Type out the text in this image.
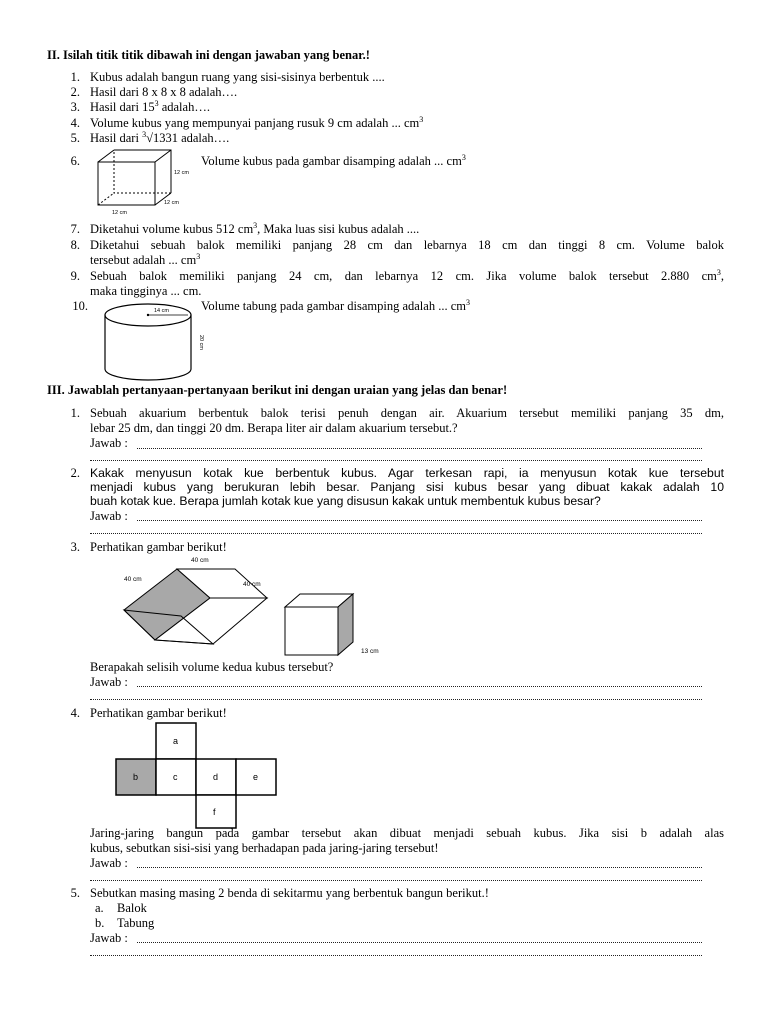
II. Isilah titik titik dibawah ini dengan jawaban yang benar.!
1. Kubus adalah bangun ruang yang sisi-sisinya berbentuk ....
2. Hasil dari 8 x 8 x 8 adalah….
3. Hasil dari $15^3$ adalah….
4. Volume kubus yang mempunyai panjang rusuk 9 cm adalah ... $cm^3$
5. Hasil dari $^3$√1331 adalah….
6.	Volume kubus pada gambar disamping adalah ... $cm^3$
12 cm
12 cm
12 cm
7. Diketahui volume kubus 512 $cm^3$, Maka luas sisi kubus adalah ....
8. Diketahui sebuah balok memiliki panjang 28 cm dan lebarnya 18 cm dan tinggi 8 cm. Volume balok
tersebut adalah ... $cm^3$
9. Sebuah balok memiliki panjang 24 cm, dan lebarnya 12 cm. Jika volume balok tersebut 2.880 $cm^3$,
maka tingginya ... cm.
10.	Volume tabung pada gambar disamping adalah ... $cm^3$
14 cm
20 cm
III. Jawablah pertanyaan-pertanyaan berikut ini dengan uraian yang jelas dan benar!
1. Sebuah akuarium berbentuk balok terisi penuh dengan air. Akuarium tersebut memiliki panjang 35 dm,
lebar 25 dm, dan tinggi 20 dm. Berapa liter air dalam akuarium tersebut.?
Jawab :
2. Kakak menyusun kotak kue berbentuk kubus. Agar terkesan rapi, ia menyusun kotak kue tersebut
menjadi kubus yang berukuran lebih besar. Panjang sisi kubus besar yang dibuat kakak adalah 10
buah kotak kue. Berapa jumlah kotak kue yang disusun kakak untuk membentuk kubus besar?
Jawab :
3. Perhatikan gambar berikut!
40 cm
40 cm
40 cm
13 cm
Berapakah selisih volume kedua kubus tersebut?
Jawab :
4. Perhatikan gambar berikut!
a
b	c	d	e
f
Jaring-jaring bangun pada gambar tersebut akan dibuat menjadi sebuah kubus. Jika sisi b adalah alas
kubus, sebutkan sisi-sisi yang berhadapan pada jaring-jaring tersebut!
Jawab :
5. Sebutkan masing masing 2 benda di sekitarmu yang berbentuk bangun berikut.!
a. Balok
b. Tabung
Jawab :
